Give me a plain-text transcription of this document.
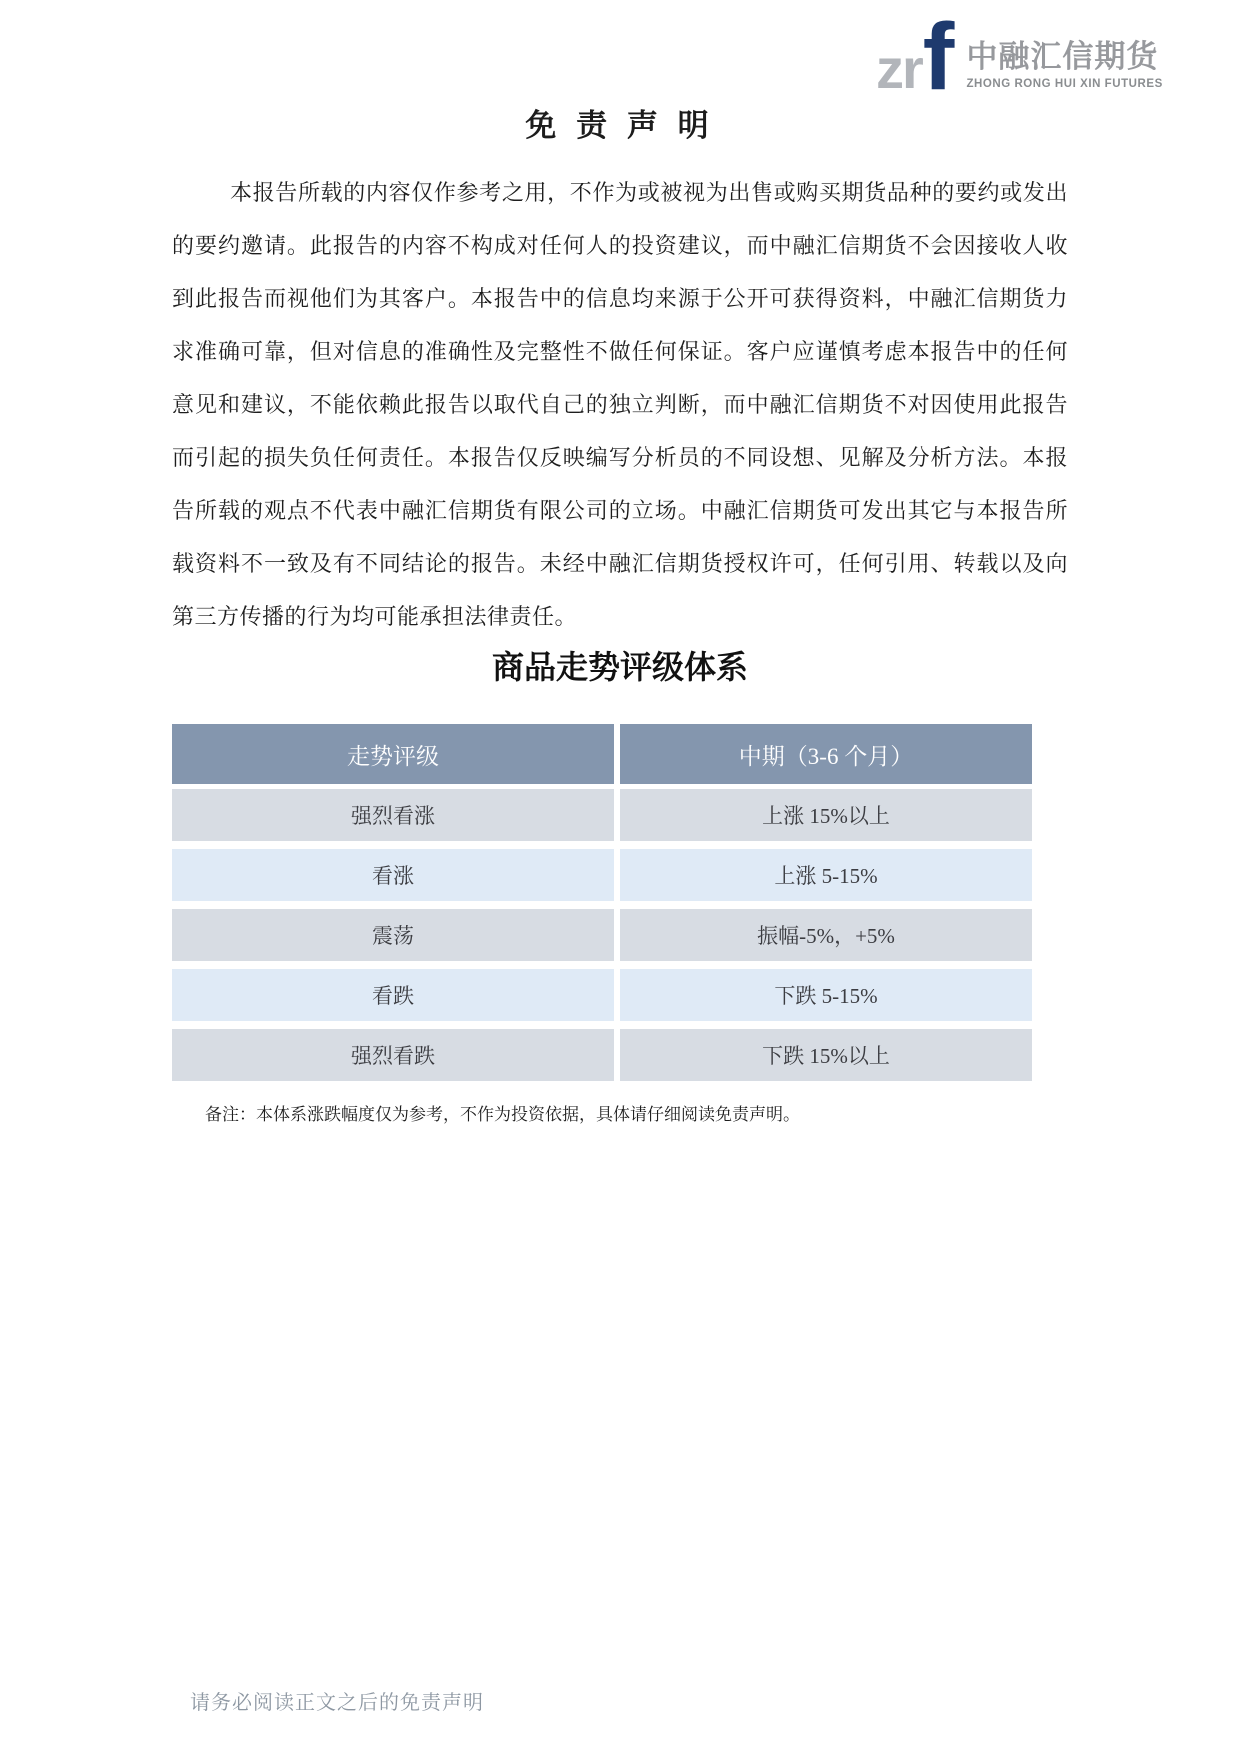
zr f 中融汇信期货
ZHONG RONG HUI XIN FUTURES
免 责 声 明
本报告所载的内容仅作参考之用，不作为或被视为出售或购买期货品种的要约或发出的要约邀请。此报告的内容不构成对任何人的投资建议，而中融汇信期货不会因接收人收到此报告而视他们为其客户。本报告中的信息均来源于公开可获得资料，中融汇信期货力求准确可靠，但对信息的准确性及完整性不做任何保证。客户应谨慎考虑本报告中的任何意见和建议，不能依赖此报告以取代自己的独立判断，而中融汇信期货不对因使用此报告而引起的损失负任何责任。本报告仅反映编写分析员的不同设想、见解及分析方法。本报告所载的观点不代表中融汇信期货有限公司的立场。中融汇信期货可发出其它与本报告所载资料不一致及有不同结论的报告。未经中融汇信期货授权许可，任何引用、转载以及向第三方传播的行为均可能承担法律责任。
商品走势评级体系
走势评级	中期（3-6 个月）
强烈看涨	上涨 15%以上
看涨	上涨 5-15%
震荡	振幅-5%，+5%
看跌	下跌 5-15%
强烈看跌	下跌 15%以上
备注：本体系涨跌幅度仅为参考，不作为投资依据，具体请仔细阅读免责声明。
请务必阅读正文之后的免责声明
